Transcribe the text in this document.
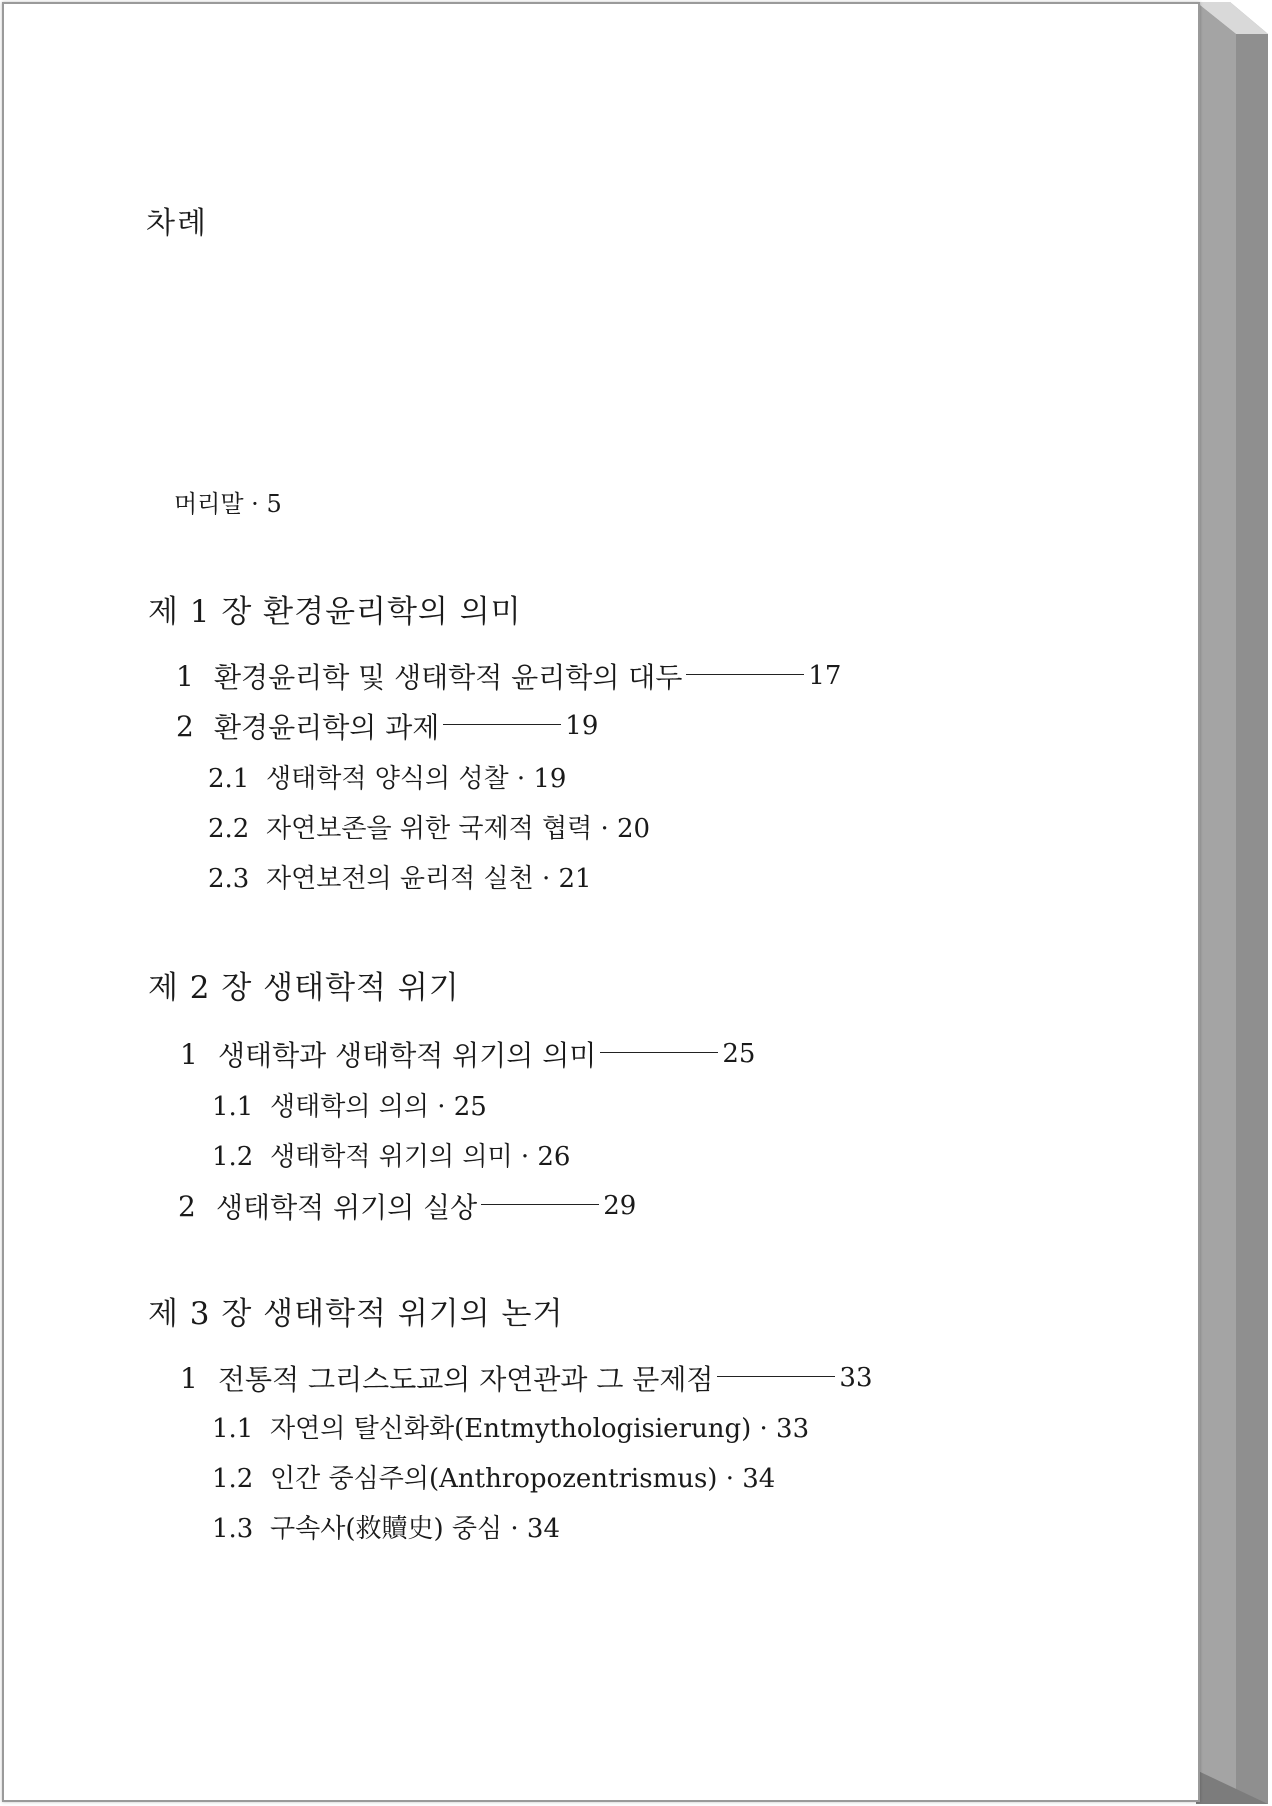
차례
머리말 · 5
제 1 장 환경윤리학의 의미
1 환경윤리학 및 생태학적 윤리학의 대두	17
2 환경윤리학의 과제	19
2.1 생태학적 양식의 성찰 · 19
2.2 자연보존을 위한 국제적 협력 · 20
2.3 자연보전의 윤리적 실천 · 21
제 2 장 생태학적 위기
1 생태학과 생태학적 위기의 의미	25
1.1 생태학의 의의 · 25
1.2 생태학적 위기의 의미 · 26
2 생태학적 위기의 실상	29
제 3 장 생태학적 위기의 논거
1 전통적 그리스도교의 자연관과 그 문제점	33
1.1 자연의 탈신화화(Entmythologisierung) · 33
1.2 인간 중심주의(Anthropozentrismus) · 34
1.3 구속사(救贖史) 중심 · 34
